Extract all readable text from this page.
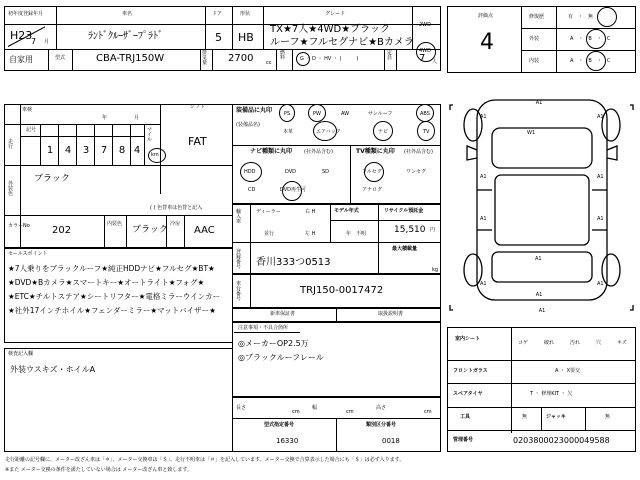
初年度登録年月	車名	ドア	形状	グレード
2WD
H23
7 月	ﾗﾝﾄﾞｸﾙｰｻﾞｰﾌﾟﾗﾄﾞ	5 HB
TX★7人★4WD★ブラック
ルーフ★フルセグナビ★Bカメラ
4WD
自家用	型式	CBA-TRJ150W	排気量 2700	cc
燃料	G ・ D ・ HV ・ (　　　)
定員	7 人
車検
年	月
シフト
FAT
走行
記号
1	4	3	7	8 4
マイル
km
外装色
ブラック
( ) 色替車は色替と記入
カラーNo 202
内装色
ブラック
冷房
AAC
装備品に丸印
(装備品名)
PS	PW	AW	サンルーフ	ABS
本革	エアバック	ナビ	TV
ナビ種類に丸印 (社外品含む)
HDD	DVD	SD
CD	DVD再生可
TV種類に丸印 (社外品含む)
フルセグ	ワンセグ
アナログ
輸入車
ディーラー
並行
右 H
左 H
モデル年式
年　不明
リサイクル預託金
15,510 円
最大積載量
kg
登録番号 香川333つ0513
車台番号
TRJ150-0017472
セールスポイント
★7人乗りをブラックルーフ★純正HDDナビ★フルセグ★BT★
★DVD★Bカメラ★スマートキー★オートライト★フォグ★
★ETC★チルトステア★シートリフター★電格ミラーウインカー
★社外17インチホイル★フェンダーミラー★マットバイザー★
検査記入欄
外装ウスキズ・ホイルA
新車保証書	取扱説明書
注意事項・不具合箇所
◎メーカーOP2.5万
◎ブラックルーフレール
長さ
cm
幅
cm
高さ
cm
型式指定番号	類別区分番号
16330	0018
評価点
4
修復歴	有　・　無
外装	A　・　B　・　C
内装	A　・　B　・　C
A1
A1	A1
W1
A1	A1
A1	A1
A1
A1	A1
A1
A1
室内シート
コゲ	破れ	汚れ	穴	キズ
フロントガラス	A ・ X要交
スペアタイヤ	T ・ 修理KIT ・ 欠
工具	無	ジャッキ	無
管理番号	0203800023000049588
走行距離の記号欄に、メーター改ざん車は「＊」、メーター交換車は「＄」、走行不明車は「＃」を記入しています。メーター交換で合算表示した場合にも「＄」は必ず入ります。
※また メーター交換の条件を満たしていない場合は メーター改ざん車と致します。
